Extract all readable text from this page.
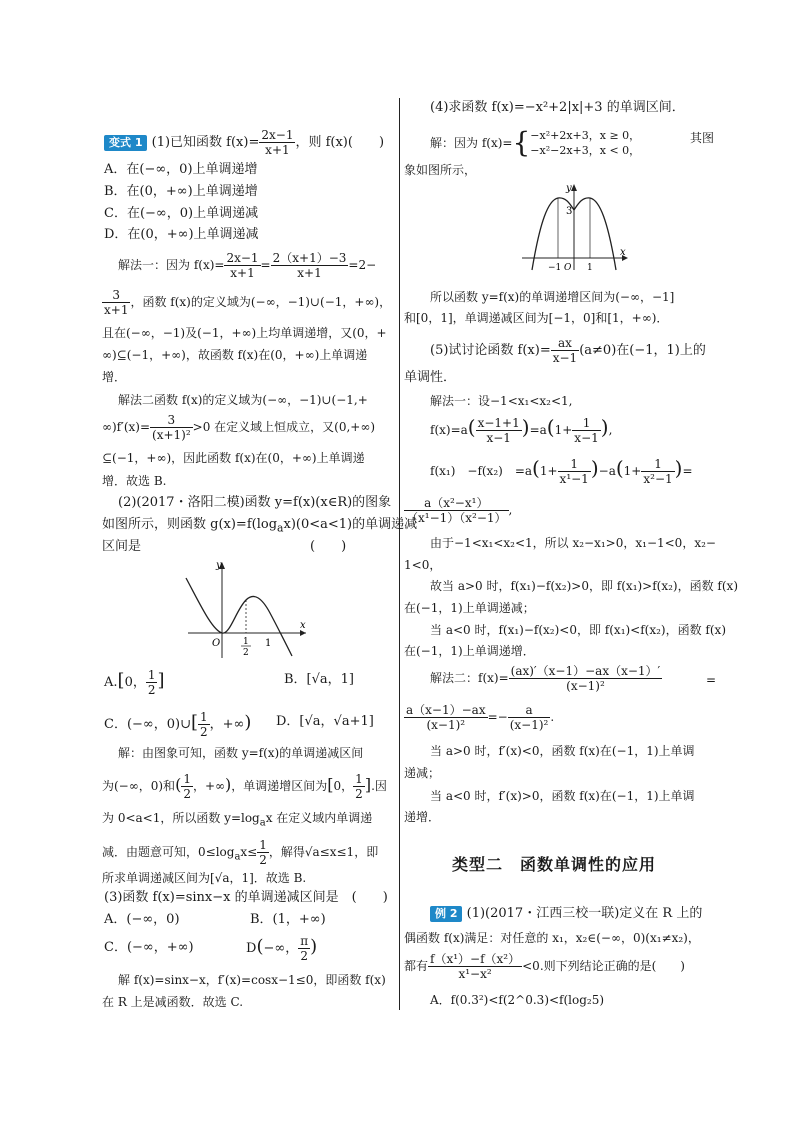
变式 1 (1)已知函数 $f(x)= \frac{2x-1}{x+1}$ ，则 f(x)(　　)
A．在(−∞，0)上单调递增
B．在(0，+∞)上单调递增
C．在(−∞，0)上单调递减
D．在(0，+∞)上单调递减
解法一：因为 $f(x)= \frac{2x-1}{x+1} = \frac{2(x+1)-3}{x+1} =2-$
$\frac{3}{x+1}$ ，函数 f(x)的定义域为(−∞，−1)∪(−1，+∞)，
且在(−∞，−1)及(−1，+∞)上均单调递增，又(0，+
∞)⊆(−1，+∞)，故函数 f(x)在(0，+∞)上单调递
增．
解法二函数 f(x)的定义域为(−∞，−1)∪(−1,+
$\infty)f'(x)= \frac{3}{\text{(x+1)²}} >0$ 在定义域上恒成立，又(0,+∞)
⊆(−1，+∞)，因此函数 f(x)在(0，+∞)上单调递
增．故选 B.
(2)(2017・洛阳二模)函数 y=f(x)(x∈R)的图象
如图所示，则函数 $g(x)=f(\log_ax)(0<a<1)$的单调递减
区间是　　　　　　　　　　　　　(　　)
y
x
O	1
2
1
A.[0， $\frac{1}{2}$ ]	B．[√a，1]
C．(−∞，0)∪[ $\frac{1}{2}$ ，+∞) D．[√a，√a+1]
解：由图象可知，函数 y=f(x)的单调递减区间
为(−∞，0)和( $\frac{1}{2}$ ，+∞)，单调递增区间为[0， $\frac{1}{2}$ ].因
为 0<a<1，所以函数 $y=\log_ax$ 在定义域内单调递
减．由题意可知，$0\le\log_ax\le \frac{1}{2}$ ，解得√a≤x≤1，即
所求单调递减区间为[√a，1]．故选 B.
(3)函数 f(x)=sinx−x 的单调递减区间是　(　　)
A．(−∞，0)	B．(1，+∞)
C．(−∞，+∞)	D(−∞， $\frac{\pi}{2}$ )
解 f(x)=sinx−x，f′(x)=cosx−1≤0，即函数 f(x)
在 R 上是减函数．故选 C.
(4)求函数 f(x)=−x²+2|x|+3 的单调区间．
解：因为 f(x)={ −x²+2x+3，x ≥ 0，
−x²−2x+3，x < 0，
其图
象如图所示，
y
x
3
−1 O 1
所以函数 y=f(x)的单调递增区间为(−∞，−1]
和[0，1]，单调递减区间为[−1，0]和[1，+∞)．
(5)试讨论函数 $f(x)= \frac{ax}{x-1} (a\ne 0)$在(−1，1)上的
单调性．
解法一：设−1<x₁<x₂<1,
$f(x)=a( \frac{x-1+1}{x-1} )=a(1+ \frac{1}{x-1}$ ),
f(x₁)　−f(x₂)　$=a(1+ \frac{1}{\text{x¹−1}} )-a(1+ \frac{1}{\text{x²−1}}$ )=
$\frac{\text{a（x²−x¹）}}{\text{（x¹−1）（x²−1）}}$ ,
由于−1<x₁<x₂<1，所以 x₂−x₁>0，x₁−1<0，x₂−
1<0，
故当 a>0 时，f(x₁)−f(x₂)>0，即 f(x₁)>f(x₂)，函数 f(x)
在(−1，1)上单调递减；
当 a<0 时，f(x₁)−f(x₂)<0，即 f(x₁)<f(x₂)，函数 f(x)
在(−1，1)上单调递增．
解法二：$f(x)= \frac{(ax)'(x-1)-ax(x-1)'}{\text{(x−1)²}}$	=
$\frac{a(x-1)-ax}{\text{(x−1)²}} =- \frac{a}{\text{(x−1)²}}$ .
当 a>0 时，f′(x)<0，函数 f(x)在(−1，1)上单调
递减；
当 a<0 时，f′(x)>0，函数 f(x)在(−1，1)上单调
递增．
类型二　函数单调性的应用
例 2 (1)(2017・江西三校一联)定义在 R 上的
偶函数 f(x)满足：对任意的 x₁，x₂∈(−∞，0)(x₁≠x₂)，
都有 $\frac{\text{f（x¹）−f（x²）}}{\text{x¹−x²}} <0$.则下列结论正确的是(　　)
A．f(0.3²)<f(2^0.3)<f(log₂5)
